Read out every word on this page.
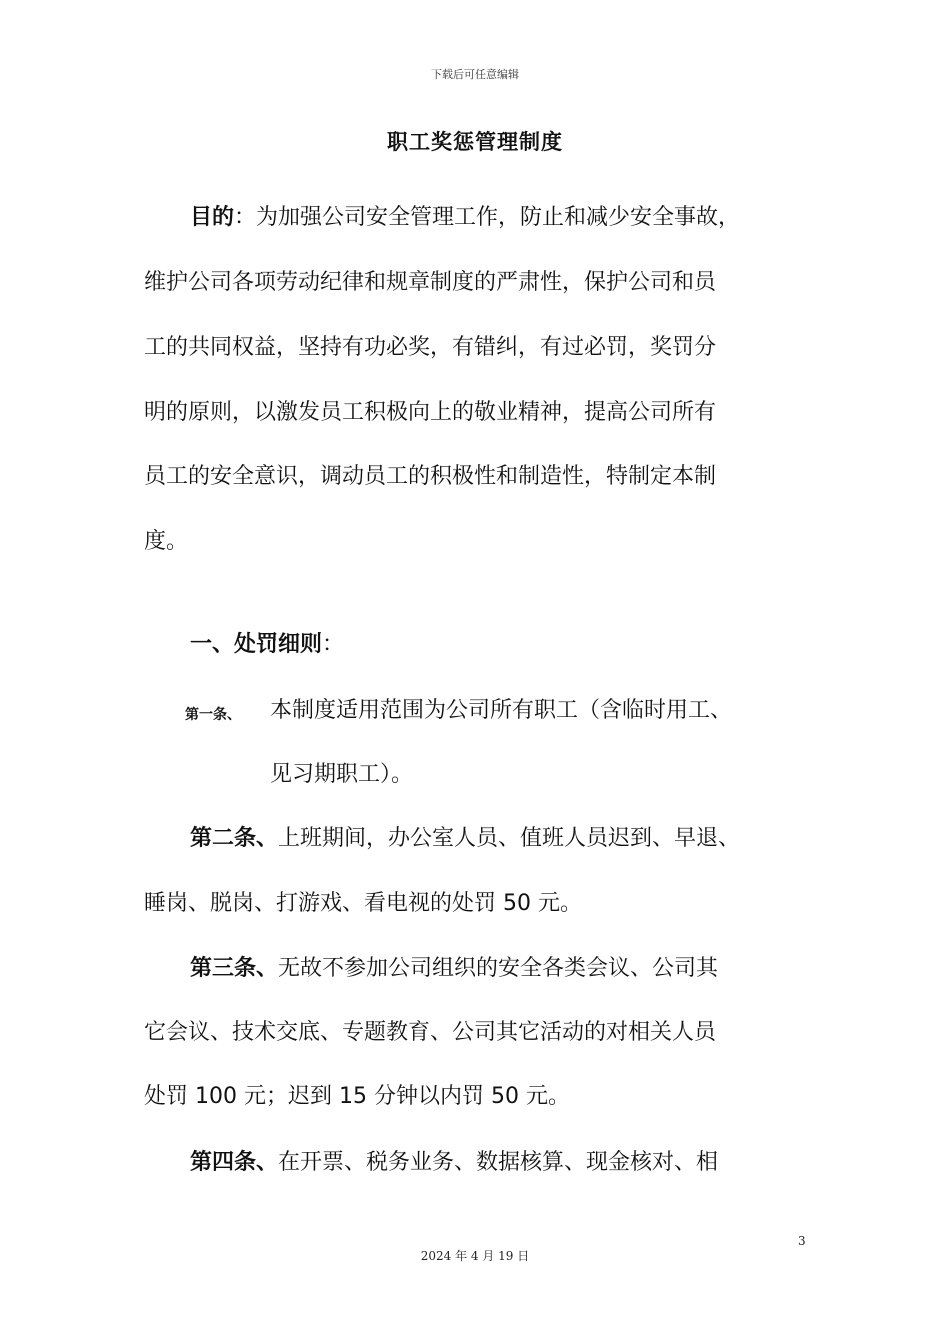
下载后可任意编辑
职工奖惩管理制度
目的：为加强公司安全管理工作，防止和减少安全事故，
维护公司各项劳动纪律和规章制度的严肃性，保护公司和员
工的共同权益，坚持有功必奖，有错纠，有过必罚，奖罚分
明的原则，以激发员工积极向上的敬业精神，提高公司所有
员工的安全意识，调动员工的积极性和制造性，特制定本制
度。
一、处罚细则：
第一条、 本制度适用范围为公司所有职工（含临时用工、
见习期职工）。
第二条、上班期间，办公室人员、值班人员迟到、早退、
睡岗、脱岗、打游戏、看电视的处罚 50 元。
第三条、无故不参加公司组织的安全各类会议、公司其
它会议、技术交底、专题教育、公司其它活动的对相关人员
处罚 100 元；迟到 15 分钟以内罚 50 元。
第四条、在开票、税务业务、数据核算、现金核对、相
3
2024 年 4 月 19 日
